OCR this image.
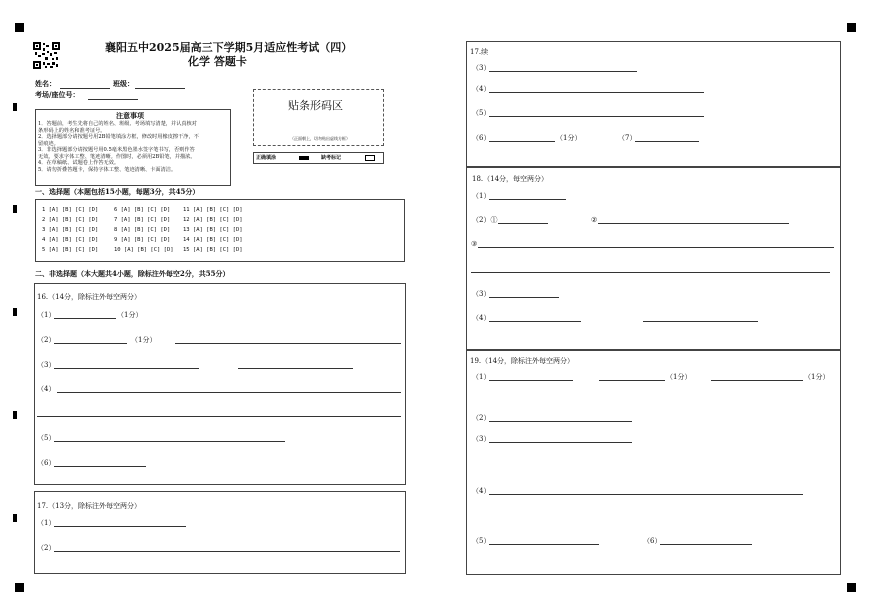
襄阳五中2025届高三下学期5月适应性考试（四）
化学 答题卡
姓名：	班级：
考场/座位号：
注意事项
1．答题前，考生先将自己的姓名、班级、考场填写清楚，并认真核对
条形码上的姓名和准考证号。
2．选择题部分请按题号用2B铅笔填涂方框，修改时用橡皮擦干净，不
留痕迹。
3．非选择题部分请按题号用0.5毫米黑色墨水签字笔书写，否则作答
无效。要求字体工整、笔迹清晰。作图时，必须用2B铅笔，并描浓。
4．在草稿纸、试题卷上作答无效。
5．请勿折叠答题卡，保持字体工整、笔迹清晰、卡面清洁。
贴条形码区
（正面朝上，切勿贴出虚线方框）
正确填涂	缺考标记
一、选择题（本题包括15小题，每题3分，共45分）
1 [A] [B] [C] [D]	6 [A] [B] [C] [D] 11 [A] [B] [C] [D]
2 [A] [B] [C] [D]	7 [A] [B] [C] [D] 12 [A] [B] [C] [D]
3 [A] [B] [C] [D]	8 [A] [B] [C] [D] 13 [A] [B] [C] [D]
4 [A] [B] [C] [D]	9 [A] [B] [C] [D] 14 [A] [B] [C] [D]
5 [A] [B] [C] [D]	10 [A] [B] [C] [D] 15 [A] [B] [C] [D]
二、非选择题（本大题共4小题，除标注外每空2分，共55分）
16.（14分，除标注外每空两分）
（1）	（1分）
（2）	（1分）
（3）
（4）
（5）
（6）
17.（13分，除标注外每空两分）
（1）
（2）
17.续
（3）
（4）
（5）
（6）	（1分）	（7）
18.（14分，每空两分）
（1）
（2）①	②
③
（3）
（4）
19.（14分，除标注外每空两分）
（1）	（1分）	（1分）
（2）
（3）
（4）
（5）	（6）
